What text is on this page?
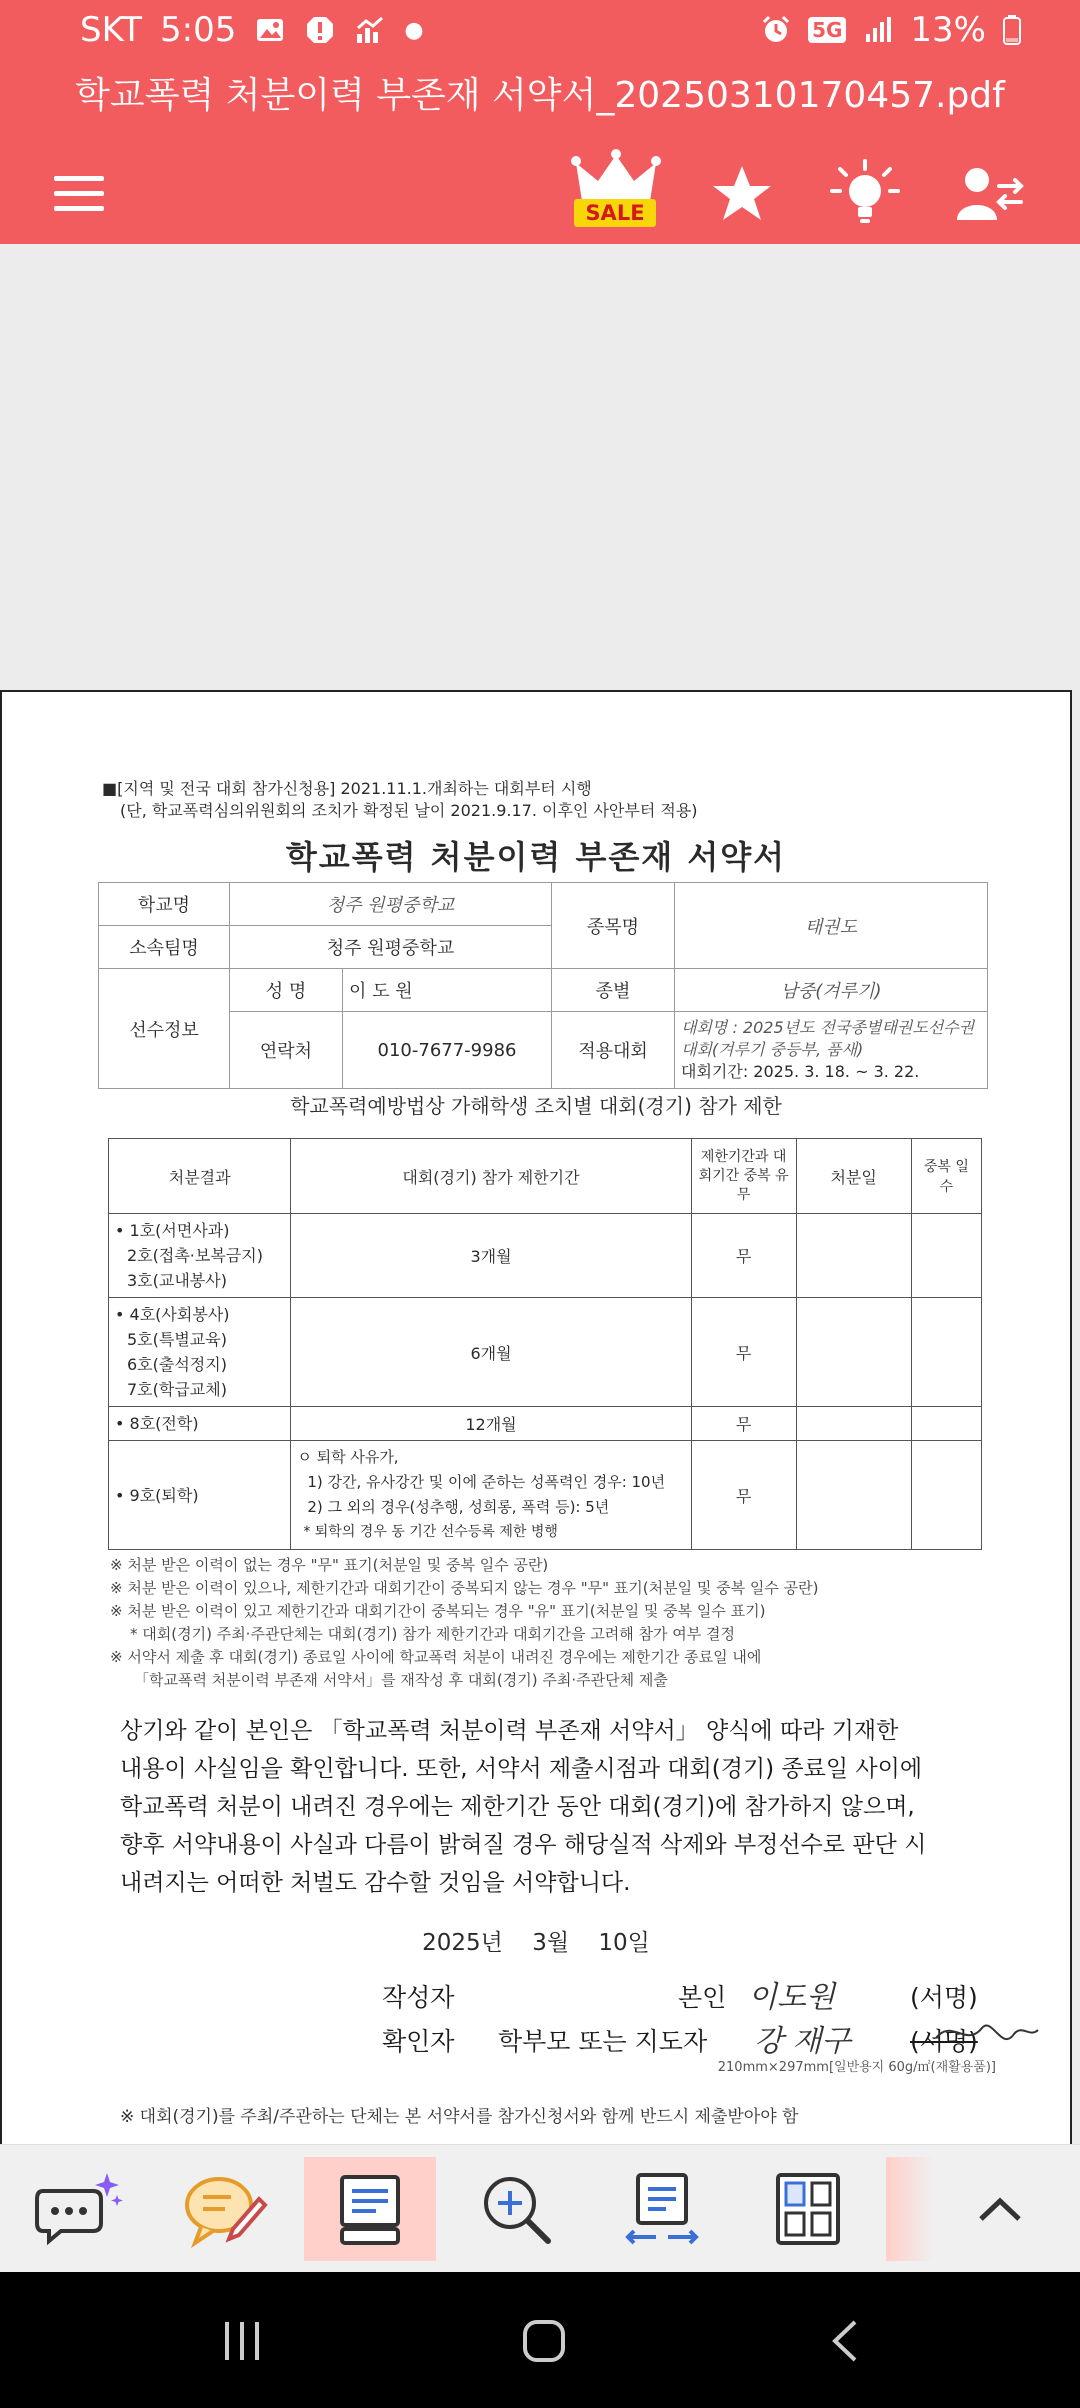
SKT 5:05	●	5G 13%
학교폭력 처분이력 부존재 서약서_20250310170457.pdf
SALE
■[지역 및 전국 대회 참가신청용] 2021.11.1.개최하는 대회부터 시행
(단, 학교폭력심의위원회의 조치가 확정된 날이 2021.9.17. 이후인 사안부터 적용)
학교폭력 처분이력 부존재 서약서
학교명	청주 원평중학교		종목명	태권도
소속팀명	청주 원평중학교			
선수정보	성 명	이 도 원	종별	남중(겨루기)
	연락처	010-7677-9986	적용대회	대회명 : 2025년도 전국종별태권도선수권대회(겨루기 중등부, 품새)
대회기간: 2025. 3. 18. ~ 3. 22.
학교폭력예방법상 가해학생 조치별 대회(경기) 참가 제한
처분결과	대회(경기) 참가 제한기간	제한기간과 대회기간 중복 유무	처분일	중복 일수

• 1호(서면사과)
2호(접촉·보복금지)
3호(교내봉사)	3개월	무		

• 4호(사회봉사)
5호(특별교육)
6호(출석정지)
7호(학급교체)	6개월	무		

• 8호(전학)	12개월	무		

• 9호(퇴학)	ㅇ 퇴학 사유가,
1) 강간, 유사강간 및 이에 준하는 성폭력인 경우: 10년
2) 그 외의 경우(성추행, 성희롱, 폭력 등): 5년
* 퇴학의 경우 동 기간 선수등록 제한 병행	무		
※ 처분 받은 이력이 없는 경우 "무" 표기(처분일 및 중복 일수 공란)
※ 처분 받은 이력이 있으나, 제한기간과 대회기간이 중복되지 않는 경우 "무" 표기(처분일 및 중복 일수 공란)
※ 처분 받은 이력이 있고 제한기간과 대회기간이 중복되는 경우 "유" 표기(처분일 및 중복 일수 표기)
* 대회(경기) 주최·주관단체는 대회(경기) 참가 제한기간과 대회기간을 고려해 참가 여부 결정
※ 서약서 제출 후 대회(경기) 종료일 사이에 학교폭력 처분이 내려진 경우에는 제한기간 종료일 내에
「학교폭력 처분이력 부존재 서약서」를 재작성 후 대회(경기) 주최·주관단체 제출
상기와 같이 본인은 「학교폭력 처분이력 부존재 서약서」 양식에 따라 기재한
내용이 사실임을 확인합니다. 또한, 서약서 제출시점과 대회(경기) 종료일 사이에
학교폭력 처분이 내려진 경우에는 제한기간 동안 대회(경기)에 참가하지 않으며,
향후 서약내용이 사실과 다름이 밝혀질 경우 해당실적 삭제와 부정선수로 판단 시
내려지는 어떠한 처벌도 감수할 것임을 서약합니다.
2025년 3월 10일
작성자	본인 이도원	(서명)
확인자 학부모 또는 지도자 강 재구 (서명)
210mm×297mm[일반용지 60g/㎡(재활용품)]
※ 대회(경기)를 주최/주관하는 단체는 본 서약서를 참가신청서와 함께 반드시 제출받아야 함
